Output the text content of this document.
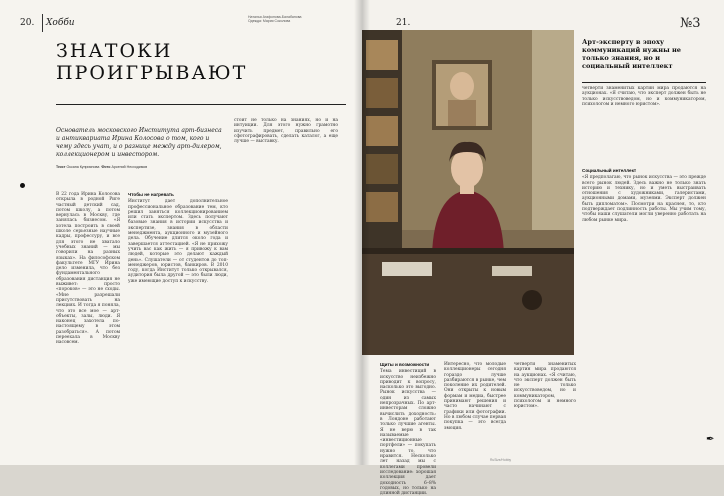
20. Хобби
Наталья Агафонова-Балабанова
Одежда: Мария Соколова
ЗНАТОКИ
ПРОИГРЫВАЮТ
Основатель московского Института арт-бизнеса и антиквариата Ирина Колосова о том, кого и чему здесь учат, и о разнице между арт-дилером, коллекционером и инвестором.
Текст Оксана Куприянова Фото Арсений Несходимов

В 22 года Ирина Колосова открыла в родной Риге частный детский сад, потом школу, а потом вернулась в Москву, где занялась бизнесом. «Я хотела построить в своей школе серьезные научные кадры, профессуру, и все для этого не хватало учебных знаний — мы говорили на разных языках». На философском факультете МГУ Ирина дело изменила, что без фундаментального образования дистанция не выживет: просто «пороков» — это не сходы. «Мне разрешали присутствовать на лекциях. И тогда я поняла, что это все мое — арт-объекты, залы, люди. Я наконец захотела по-настоящему в этом разобраться». А потом переехала в Москву насовсем.

Чтобы не нагревать

Институт дает дополнительное профессиональное образование тем, кто решил заняться коллекционированием или стать экспертом. Здесь получают базовые знания в истории искусства и экспертизе, знания в области менеджмента, аукционного и музейного дела. Обучение длится около года и завершается аттестацией. «Я не прихожу учить вас как жить — я привожу к вам людей, которые это делают каждый день». Слушатели — от студентов до топ-менеджеров, юристов, банкиров. В 2010 году, когда Институт только открывался, аудитория была другой — это были люди, уже имеющие доступ к искусству.

стоит не только на знаниях, но и на интуиции. Для этого нужно грамотно изучить предмет, правильно его сфотографировать, сделать каталог, а еще лучше — выставку.

21.	№3
Щиты и возможности

Тема инвестиций в искусство неизбежно приводит к вопросу, насколько это выгодно. Рынок искусства — один из самых непрозрачных. По арт-инвесторам сложно вычислить доходность: в Лондоне работают только лучшие агенты. Я не верю в так называемые «инвестиционные портфели» — покупать нужно то, что нравится. Несколько лет назад мы с коллегами провели исследование: хорошая коллекция дает доходность 6–8% годовых, но только на длинной дистанции.

Интересно, что молодые коллекционеры сегодня гораздо лучше разбираются в рынке, чем поколение их родителей. Они открыты к новым формам и медиа, быстрее принимают решения и часто начинают с графики или фотографии. Но в любом случае первая покупка — это всегда эмоция.

четверти знаменитых картин мира продаются на аукционах. «Я считаю, что эксперт должен быть не только искусствоведом, но и коммуникатором, психологом и немного юристом».

четверти знаменитых картин мира продаются на аукционах. «Я считаю, что эксперт должен быть не только искусствоведом, но и коммуникатором, психологом и немного юристом».

Социальный интеллект

«Я предполагаю, что рынок искусства — это прежде всего рынок людей. Здесь важно не только знать историю и технику, но и уметь выстраивать отношения с художниками, галеристами, аукционными домами, музеями. Эксперт должен быть дипломатом». Посмотри на краснея, то, кто подтверждает подлинность работы. Мы учим тому, чтобы наши слушатели могли уверенно работать на любом рынке мира.

RuSize/Hobby
Арт-эксперту в эпоху коммуникаций нужны не только знания, но и социальный интеллект
✒
